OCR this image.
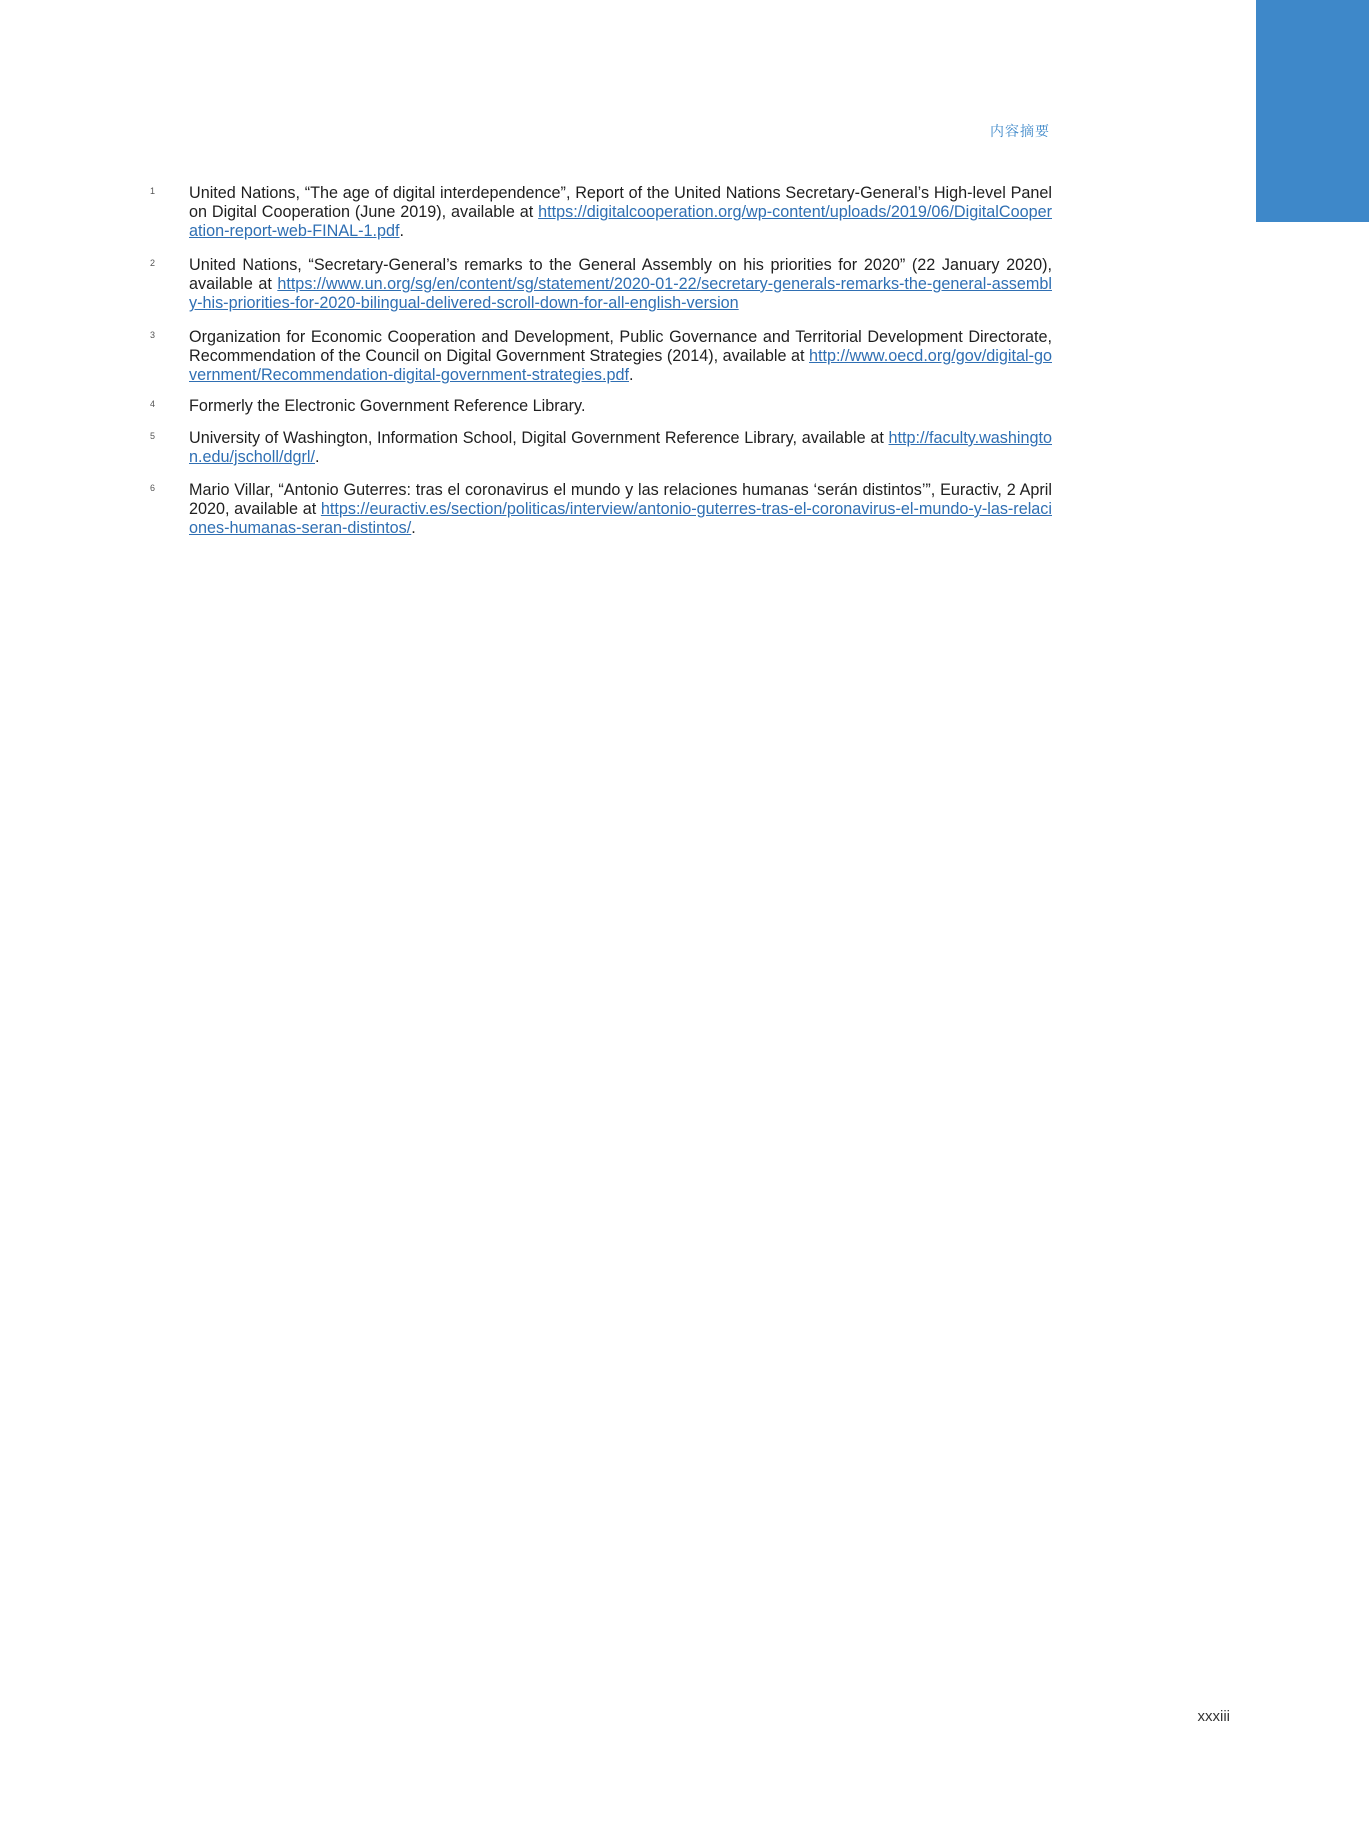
内容摘要
1 United Nations, “The age of digital interdependence”, Report of the United Nations Secretary-General’s High-level Panel on Digital Cooperation (June 2019), available at https://digitalcooperation.org/wp-content/uploads/2019/06/DigitalCooperation-report-web-FINAL-1.pdf.
2 United Nations, “Secretary-General’s remarks to the General Assembly on his priorities for 2020” (22 January 2020), available at https://www.un.org/sg/en/content/sg/statement/2020-01-22/secretary-generals-remarks-the-general-assembly-his-priorities-for-2020-bilingual-delivered-scroll-down-for-all-english-version
3 Organization for Economic Cooperation and Development, Public Governance and Territorial Development Directorate, Recommendation of the Council on Digital Government Strategies (2014), available at http://www.oecd.org/gov/digital-government/Recommendation-digital-government-strategies.pdf.
4 Formerly the Electronic Government Reference Library.
5 University of Washington, Information School, Digital Government Reference Library, available at http://faculty.washington.edu/jscholl/dgrl/.
6 Mario Villar, “Antonio Guterres: tras el coronavirus el mundo y las relaciones humanas ‘serán distintos’”, Euractiv, 2 April 2020, available at https://euractiv.es/section/politicas/interview/antonio-guterres-tras-el-coronavirus-el-mundo-y-las-relaciones-humanas-seran-distintos/.
xxxiii
